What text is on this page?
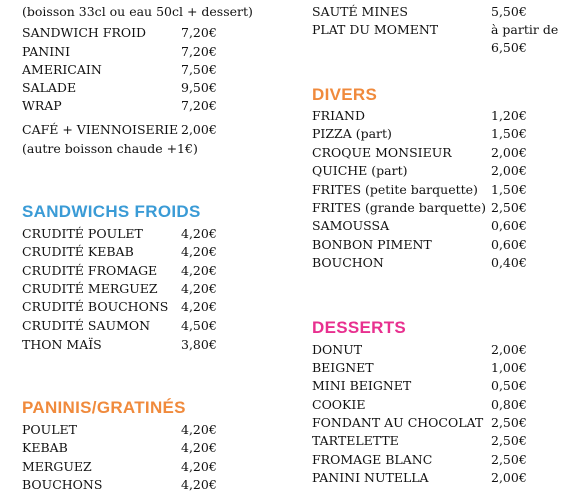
(boisson 33cl ou eau 50cl + dessert)
SANDWICH FROID	7,20€
PANINI	7,20€
AMERICAIN	7,50€
SALADE	9,50€
WRAP	7,20€
CAFÉ + VIENNOISERIE 2,00€
(autre boisson chaude +1€)
SANDWICHS FROIDS
CRUDITÉ POULET	4,20€
CRUDITÉ KEBAB	4,20€
CRUDITÉ FROMAGE 4,20€
CRUDITÉ MERGUEZ 4,20€
CRUDITÉ BOUCHONS 4,20€
CRUDITÉ SAUMON 4,50€
THON MAÏS	3,80€
PANINIS/GRATINÉS
POULET	4,20€
KEBAB	4,20€
MERGUEZ	4,20€
BOUCHONS	4,20€
SAUTÉ MINES	5,50€
PLAT DU MOMENT	à partir de
6,50€
DIVERS
FRIAND	1,20€
PIZZA (part)	1,50€
CROQUE MONSIEUR	2,00€
QUICHE (part)	2,00€
FRITES (petite barquette) 1,50€
FRITES (grande barquette) 2,50€
SAMOUSSA	0,60€
BONBON PIMENT	0,60€
BOUCHON	0,40€
DESSERTS
DONUT	2,00€
BEIGNET	1,00€
MINI BEIGNET	0,50€
COOKIE	0,80€
FONDANT AU CHOCOLAT 2,50€
TARTELETTE	2,50€
FROMAGE BLANC	2,50€
PANINI NUTELLA	2,00€
